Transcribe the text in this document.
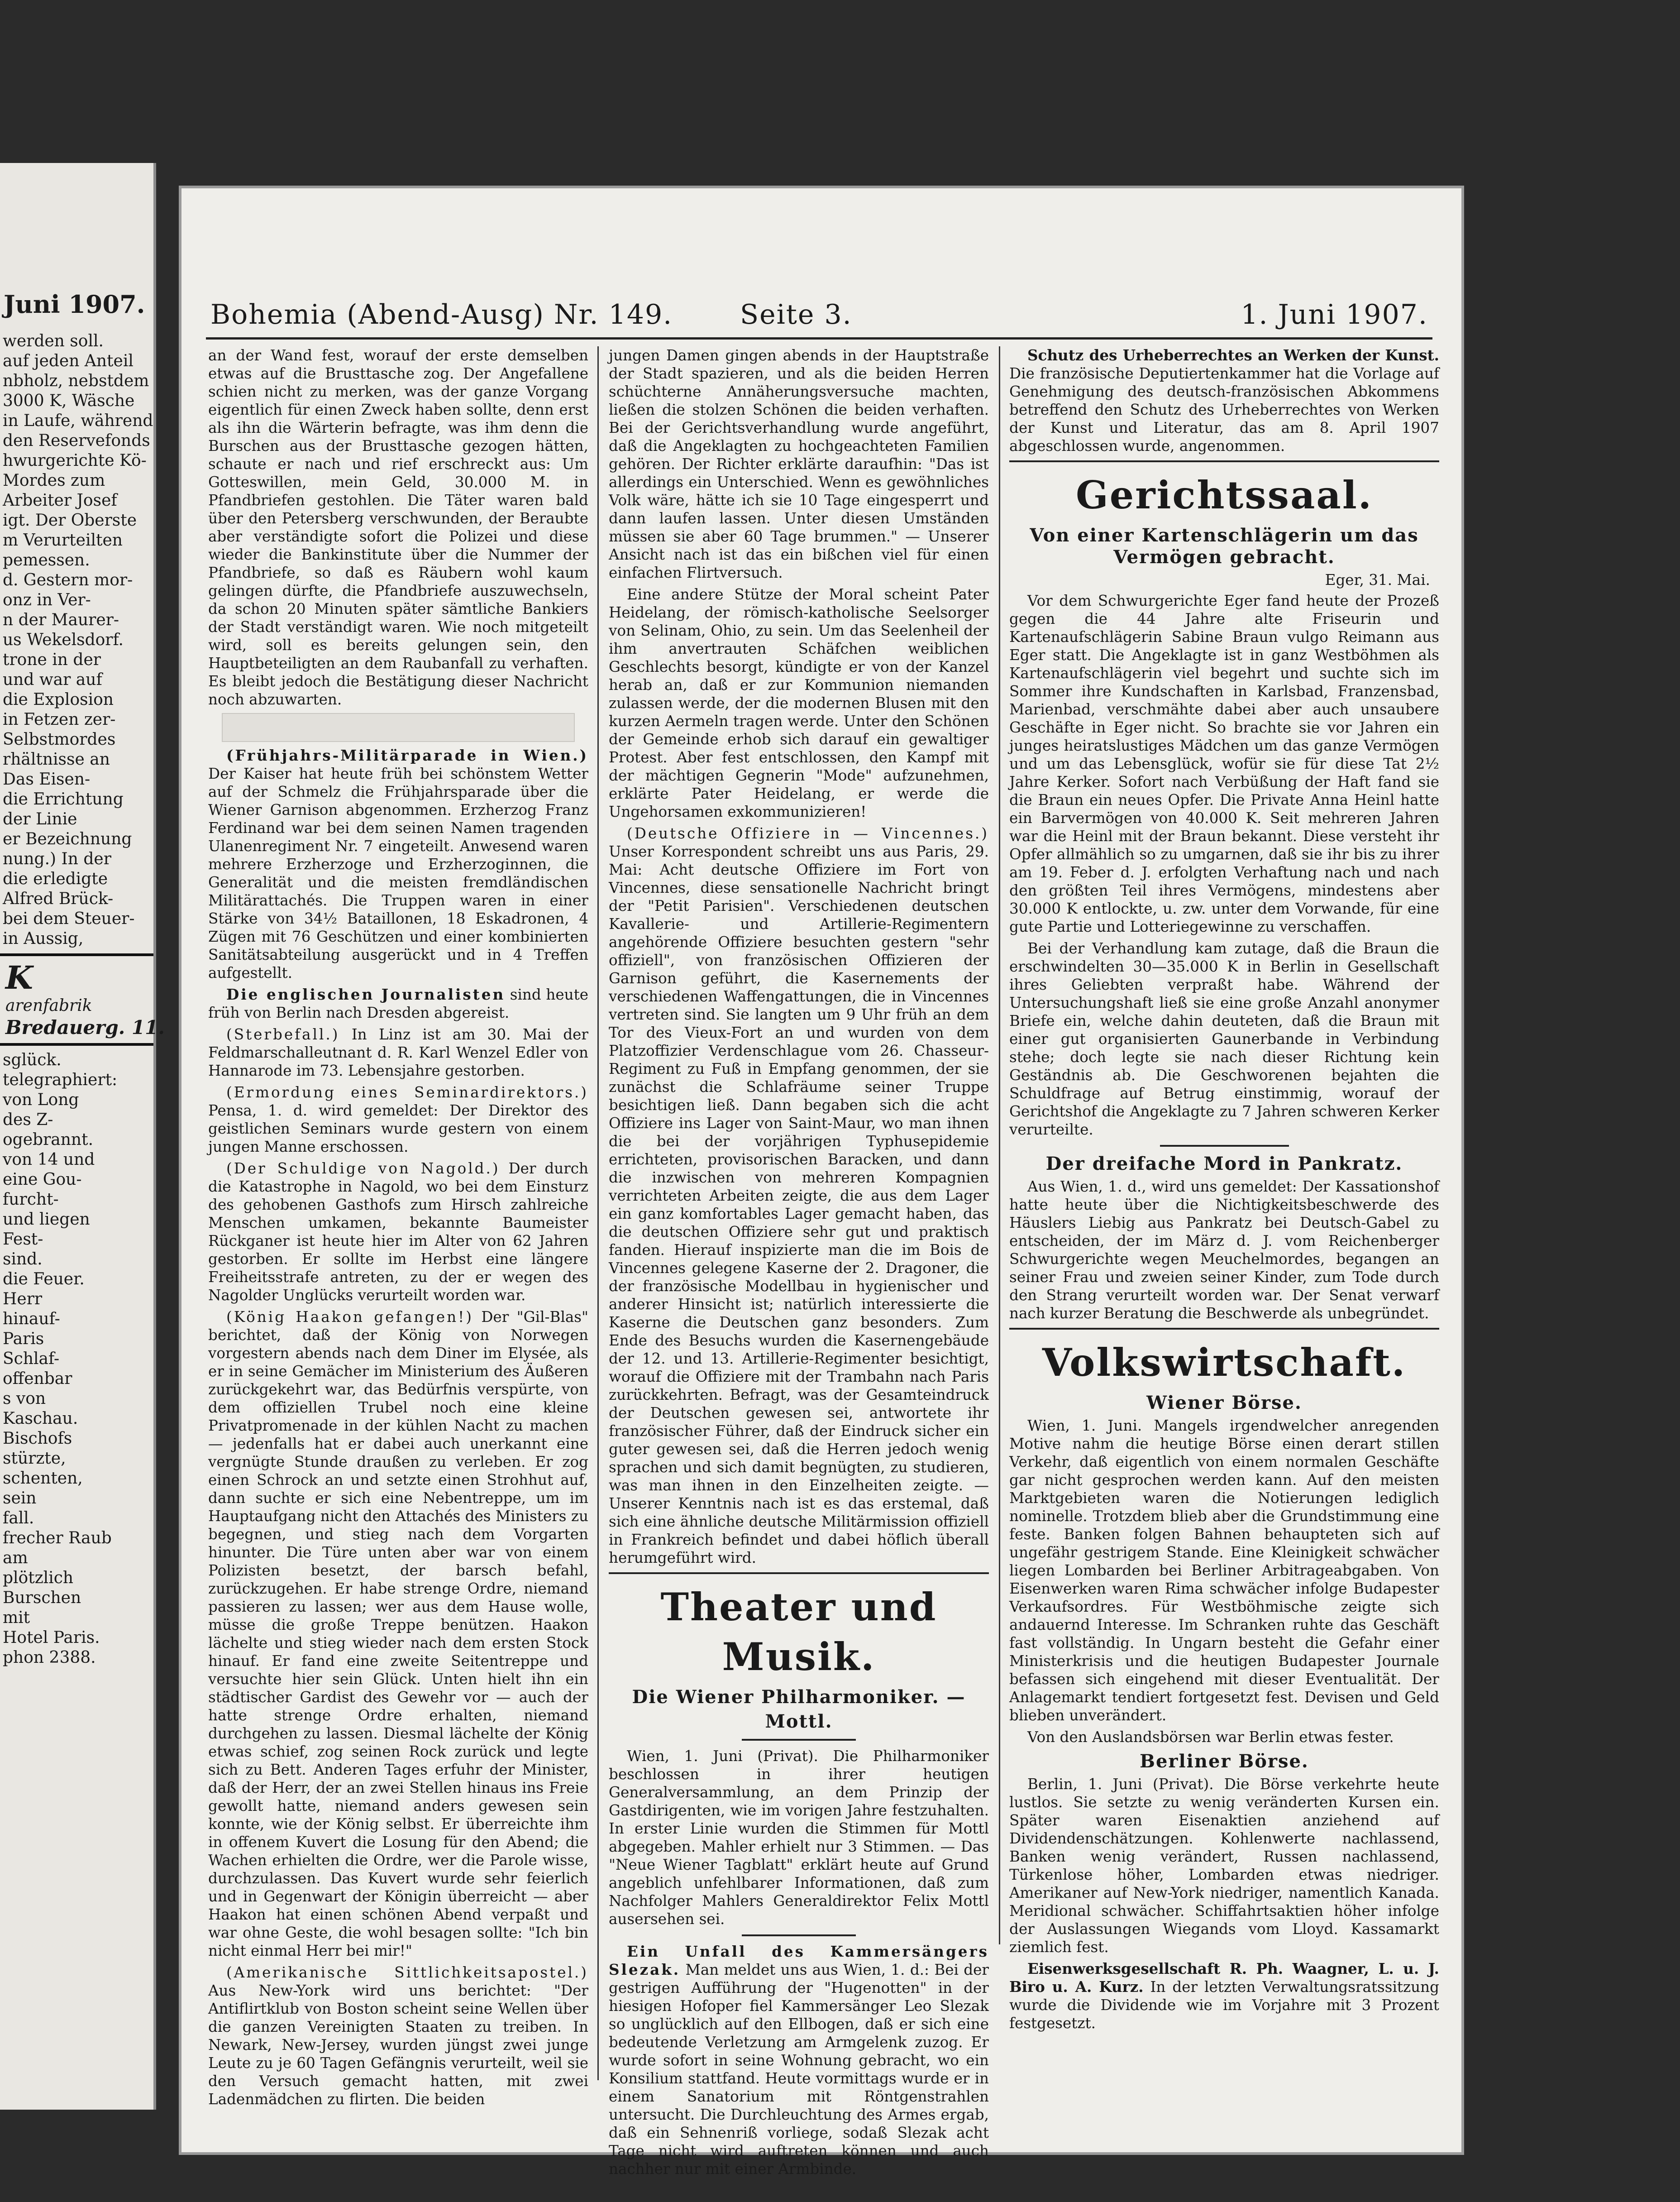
Juni 1907.
werden soll.
auf jeden Anteil
nbholz, nebstdem
3000 K, Wäsche
in Laufe, während
den Reservefonds
hwurgerichte Kö-
Mordes zum
Arbeiter Josef
igt. Der Oberste
m Verurteilten
pemessen.
d. Gestern mor-
onz in Ver-
n der Maurer-
us Wekelsdorf.
trone in der
und war auf
die Explosion
in Fetzen zer-
Selbstmordes
rhältnisse an
Das Eisen-
die Errichtung
der Linie
er Bezeichnung
nung.) In der
die erledigte
Alfred Brück-
bei dem Steuer-
in Aussig,
K
arenfabrik
Bredauerg. 11.
sglück.
telegraphiert:
von Long
des Z-
ogebrannt.
von 14 und
eine Gou-
furcht-
und liegen
Fest-
sind.
die Feuer.
Herr
hinauf-
Paris
Schlaf-
offenbar
s von
Kaschau.
Bischofs
stürzte,
schenten,
sein
fall.
frecher Raub
am
plötzlich
Burschen
mit
Hotel Paris.
phon 2388.
Bohemia (Abend-Ausg) Nr. 149. Seite 3.	1. Juni 1907.

an der Wand fest, worauf der erste demselben etwas auf die Brusttasche zog. Der Angefallene schien nicht zu merken, was der ganze Vorgang eigentlich für einen Zweck haben sollte, denn erst als ihn die Wärterin befragte, was ihm denn die Burschen aus der Brusttasche gezogen hätten, schaute er nach und rief erschreckt aus: Um Gotteswillen, mein Geld, 30.000 M. in Pfandbriefen gestohlen. Die Täter waren bald über den Petersberg verschwunden, der Beraubte aber verständigte sofort die Polizei und diese wieder die Bankinstitute über die Nummer der Pfandbriefe, so daß es Räubern wohl kaum gelingen dürfte, die Pfandbriefe auszuwechseln, da schon 20 Minuten später sämtliche Bankiers der Stadt verständigt waren. Wie noch mitgeteilt wird, soll es bereits gelungen sein, den Hauptbeteiligten an dem Raubanfall zu verhaften. Es bleibt jedoch die Bestätigung dieser Nachricht noch abzuwarten.

(Frühjahrs-Militärparade in Wien.) Der Kaiser hat heute früh bei schönstem Wetter auf der Schmelz die Frühjahrsparade über die Wiener Garnison abgenommen. Erzherzog Franz Ferdinand war bei dem seinen Namen tragenden Ulanenregiment Nr. 7 eingeteilt. Anwesend waren mehrere Erzherzoge und Erzherzoginnen, die Generalität und die meisten fremdländischen Militärattachés. Die Truppen waren in einer Stärke von 34½ Bataillonen, 18 Eskadronen, 4 Zügen mit 76 Geschützen und einer kombinierten Sanitätsabteilung ausgerückt und in 4 Treffen aufgestellt.

Die englischen Journalisten sind heute früh von Berlin nach Dresden abgereist.

(Sterbefall.) In Linz ist am 30. Mai der Feldmarschalleutnant d. R. Karl Wenzel Edler von Hannarode im 73. Lebensjahre gestorben.

(Ermordung eines Seminardirektors.) Pensa, 1. d. wird gemeldet: Der Direktor des geistlichen Seminars wurde gestern von einem jungen Manne erschossen.

(Der Schuldige von Nagold.) Der durch die Katastrophe in Nagold, wo bei dem Einsturz des gehobenen Gasthofs zum Hirsch zahlreiche Menschen umkamen, bekannte Baumeister Rückganer ist heute hier im Alter von 62 Jahren gestorben. Er sollte im Herbst eine längere Freiheitsstrafe antreten, zu der er wegen des Nagolder Unglücks verurteilt worden war.

(König Haakon gefangen!) Der "Gil-Blas" berichtet, daß der König von Norwegen vorgestern abends nach dem Diner im Elysée, als er in seine Gemächer im Ministerium des Äußeren zurückgekehrt war, das Bedürfnis verspürte, von dem offiziellen Trubel noch eine kleine Privatpromenade in der kühlen Nacht zu machen — jedenfalls hat er dabei auch unerkannt eine vergnügte Stunde draußen zu verleben. Er zog einen Schrock an und setzte einen Strohhut auf, dann suchte er sich eine Nebentreppe, um im Hauptaufgang nicht den Attachés des Ministers zu begegnen, und stieg nach dem Vorgarten hinunter. Die Türe unten aber war von einem Polizisten besetzt, der barsch befahl, zurückzugehen. Er habe strenge Ordre, niemand passieren zu lassen; wer aus dem Hause wolle, müsse die große Treppe benützen. Haakon lächelte und stieg wieder nach dem ersten Stock hinauf. Er fand eine zweite Seitentreppe und versuchte hier sein Glück. Unten hielt ihn ein städtischer Gardist des Gewehr vor — auch der hatte strenge Ordre erhalten, niemand durchgehen zu lassen. Diesmal lächelte der König etwas schief, zog seinen Rock zurück und legte sich zu Bett. Anderen Tages erfuhr der Minister, daß der Herr, der an zwei Stellen hinaus ins Freie gewollt hatte, niemand anders gewesen sein konnte, wie der König selbst. Er überreichte ihm in offenem Kuvert die Losung für den Abend; die Wachen erhielten die Ordre, wer die Parole wisse, durchzulassen. Das Kuvert wurde sehr feierlich und in Gegenwart der Königin überreicht — aber Haakon hat einen schönen Abend verpaßt und war ohne Geste, die wohl besagen sollte: "Ich bin nicht einmal Herr bei mir!"

(Amerikanische Sittlichkeitsapostel.) Aus New-York wird uns berichtet: "Der Antiflirtklub von Boston scheint seine Wellen über die ganzen Vereinigten Staaten zu treiben. In Newark, New-Jersey, wurden jüngst zwei junge Leute zu je 60 Tagen Gefängnis verurteilt, weil sie den Versuch gemacht hatten, mit zwei Ladenmädchen zu flirten. Die beiden

jungen Damen gingen abends in der Hauptstraße der Stadt spazieren, und als die beiden Herren schüchterne Annäherungsversuche machten, ließen die stolzen Schönen die beiden verhaften. Bei der Gerichtsverhandlung wurde angeführt, daß die Angeklagten zu hochgeachteten Familien gehören. Der Richter erklärte daraufhin: "Das ist allerdings ein Unterschied. Wenn es gewöhnliches Volk wäre, hätte ich sie 10 Tage eingesperrt und dann laufen lassen. Unter diesen Umständen müssen sie aber 60 Tage brummen." — Unserer Ansicht nach ist das ein bißchen viel für einen einfachen Flirtversuch.

Eine andere Stütze der Moral scheint Pater Heidelang, der römisch-katholische Seelsorger von Selinam, Ohio, zu sein. Um das Seelenheil der ihm anvertrauten Schäfchen weiblichen Geschlechts besorgt, kündigte er von der Kanzel herab an, daß er zur Kommunion niemanden zulassen werde, der die modernen Blusen mit den kurzen Aermeln tragen werde. Unter den Schönen der Gemeinde erhob sich darauf ein gewaltiger Protest. Aber fest entschlossen, den Kampf mit der mächtigen Gegnerin "Mode" aufzunehmen, erklärte Pater Heidelang, er werde die Ungehorsamen exkommunizieren!

(Deutsche Offiziere in — Vincennes.) Unser Korrespondent schreibt uns aus Paris, 29. Mai: Acht deutsche Offiziere im Fort von Vincennes, diese sensationelle Nachricht bringt der "Petit Parisien". Verschiedenen deutschen Kavallerie- und Artillerie-Regimentern angehörende Offiziere besuchten gestern "sehr offiziell", von französischen Offizieren der Garnison geführt, die Kasernements der verschiedenen Waffengattungen, die in Vincennes vertreten sind. Sie langten um 9 Uhr früh an dem Tor des Vieux-Fort an und wurden von dem Platzoffizier Verdenschlague vom 26. Chasseur-Regiment zu Fuß in Empfang genommen, der sie zunächst die Schlafräume seiner Truppe besichtigen ließ. Dann begaben sich die acht Offiziere ins Lager von Saint-Maur, wo man ihnen die bei der vorjährigen Typhusepidemie errichteten, provisorischen Baracken, und dann die inzwischen von mehreren Kompagnien verrichteten Arbeiten zeigte, die aus dem Lager ein ganz komfortables Lager gemacht haben, das die deutschen Offiziere sehr gut und praktisch fanden. Hierauf inspizierte man die im Bois de Vincennes gelegene Kaserne der 2. Dragoner, die der französische Modellbau in hygienischer und anderer Hinsicht ist; natürlich interessierte die Kaserne die Deutschen ganz besonders. Zum Ende des Besuchs wurden die Kasernengebäude der 12. und 13. Artillerie-Regimenter besichtigt, worauf die Offiziere mit der Trambahn nach Paris zurückkehrten. Befragt, was der Gesamteindruck der Deutschen gewesen sei, antwortete ihr französischer Führer, daß der Eindruck sicher ein guter gewesen sei, daß die Herren jedoch wenig sprachen und sich damit begnügten, zu studieren, was man ihnen in den Einzelheiten zeigte. — Unserer Kenntnis nach ist es das erstemal, daß sich eine ähnliche deutsche Militärmission offiziell in Frankreich befindet und dabei höflich überall herumgeführt wird.

Theater und Musik.
Die Wiener Philharmoniker. —
Mottl.

Wien, 1. Juni (Privat). Die Philharmoniker beschlossen in ihrer heutigen Generalversammlung, an dem Prinzip der Gastdirigenten, wie im vorigen Jahre festzuhalten. In erster Linie wurden die Stimmen für Mottl abgegeben. Mahler erhielt nur 3 Stimmen. — Das "Neue Wiener Tagblatt" erklärt heute auf Grund angeblich unfehlbarer Informationen, daß zum Nachfolger Mahlers Generaldirektor Felix Mottl ausersehen sei.

Ein Unfall des Kammersängers Slezak. Man meldet uns aus Wien, 1. d.: Bei der gestrigen Aufführung der "Hugenotten" in der hiesigen Hofoper fiel Kammersänger Leo Slezak so unglücklich auf den Ellbogen, daß er sich eine bedeutende Verletzung am Armgelenk zuzog. Er wurde sofort in seine Wohnung gebracht, wo ein Konsilium stattfand. Heute vormittags wurde er in einem Sanatorium mit Röntgenstrahlen untersucht. Die Durchleuchtung des Armes ergab, daß ein Sehnenriß vorliege, sodaß Slezak acht Tage nicht wird auftreten können und auch nachher nur mit einer Armbinde.

Schutz des Urheberrechtes an Werken der Kunst. Die französische Deputiertenkammer hat die Vorlage auf Genehmigung des deutsch-französischen Abkommens betreffend den Schutz des Urheberrechtes von Werken der Kunst und Literatur, das am 8. April 1907 abgeschlossen wurde, angenommen.

Gerichtssaal.
Von einer Kartenschlägerin um das Vermögen gebracht.
Eger, 31. Mai.

Vor dem Schwurgerichte Eger fand heute der Prozeß gegen die 44 Jahre alte Friseurin und Kartenaufschlägerin Sabine Braun vulgo Reimann aus Eger statt. Die Angeklagte ist in ganz Westböhmen als Kartenaufschlägerin viel begehrt und suchte sich im Sommer ihre Kundschaften in Karlsbad, Franzensbad, Marienbad, verschmähte dabei aber auch unsaubere Geschäfte in Eger nicht. So brachte sie vor Jahren ein junges heiratslustiges Mädchen um das ganze Vermögen und um das Lebensglück, wofür sie für diese Tat 2½ Jahre Kerker. Sofort nach Verbüßung der Haft fand sie die Braun ein neues Opfer. Die Private Anna Heinl hatte ein Barvermögen von 40.000 K. Seit mehreren Jahren war die Heinl mit der Braun bekannt. Diese versteht ihr Opfer allmählich so zu umgarnen, daß sie ihr bis zu ihrer am 19. Feber d. J. erfolgten Verhaftung nach und nach den größten Teil ihres Vermögens, mindestens aber 30.000 K entlockte, u. zw. unter dem Vorwande, für eine gute Partie und Lotteriegewinne zu verschaffen.

Bei der Verhandlung kam zutage, daß die Braun die erschwindelten 30—35.000 K in Berlin in Gesellschaft ihres Geliebten verpraßt habe. Während der Untersuchungshaft ließ sie eine große Anzahl anonymer Briefe ein, welche dahin deuteten, daß die Braun mit einer gut organisierten Gaunerbande in Verbindung stehe; doch legte sie nach dieser Richtung kein Geständnis ab. Die Geschworenen bejahten die Schuldfrage auf Betrug einstimmig, worauf der Gerichtshof die Angeklagte zu 7 Jahren schweren Kerker verurteilte.

Der dreifache Mord in Pankratz.

Aus Wien, 1. d., wird uns gemeldet: Der Kassationshof hatte heute über die Nichtigkeitsbeschwerde des Häuslers Liebig aus Pankratz bei Deutsch-Gabel zu entscheiden, der im März d. J. vom Reichenberger Schwurgerichte wegen Meuchelmordes, begangen an seiner Frau und zweien seiner Kinder, zum Tode durch den Strang verurteilt worden war. Der Senat verwarf nach kurzer Beratung die Beschwerde als unbegründet.

Volkswirtschaft.
Wiener Börse.

Wien, 1. Juni. Mangels irgendwelcher anregenden Motive nahm die heutige Börse einen derart stillen Verkehr, daß eigentlich von einem normalen Geschäfte gar nicht gesprochen werden kann. Auf den meisten Marktgebieten waren die Notierungen lediglich nominelle. Trotzdem blieb aber die Grundstimmung eine feste. Banken folgen Bahnen behaupteten sich auf ungefähr gestrigem Stande. Eine Kleinigkeit schwächer liegen Lombarden bei Berliner Arbitrageabgaben. Von Eisenwerken waren Rima schwächer infolge Budapester Verkaufsordres. Für Westböhmische zeigte sich andauernd Interesse. Im Schranken ruhte das Geschäft fast vollständig. In Ungarn besteht die Gefahr einer Ministerkrisis und die heutigen Budapester Journale befassen sich eingehend mit dieser Eventualität. Der Anlagemarkt tendiert fortgesetzt fest. Devisen und Geld blieben unverändert.

Von den Auslandsbörsen war Berlin etwas fester.

Berliner Börse.

Berlin, 1. Juni (Privat). Die Börse verkehrte heute lustlos. Sie setzte zu wenig veränderten Kursen ein. Später waren Eisenaktien anziehend auf Dividendenschätzungen. Kohlenwerte nachlassend, Banken wenig verändert, Russen nachlassend, Türkenlose höher, Lombarden etwas niedriger. Amerikaner auf New-York niedriger, namentlich Kanada. Meridional schwächer. Schiffahrtsaktien höher infolge der Auslassungen Wiegands vom Lloyd. Kassamarkt ziemlich fest.

Eisenwerksgesellschaft R. Ph. Waagner, L. u. J. Biro u. A. Kurz. In der letzten Verwaltungsratssitzung wurde die Dividende wie im Vorjahre mit 3 Prozent festgesetzt.
